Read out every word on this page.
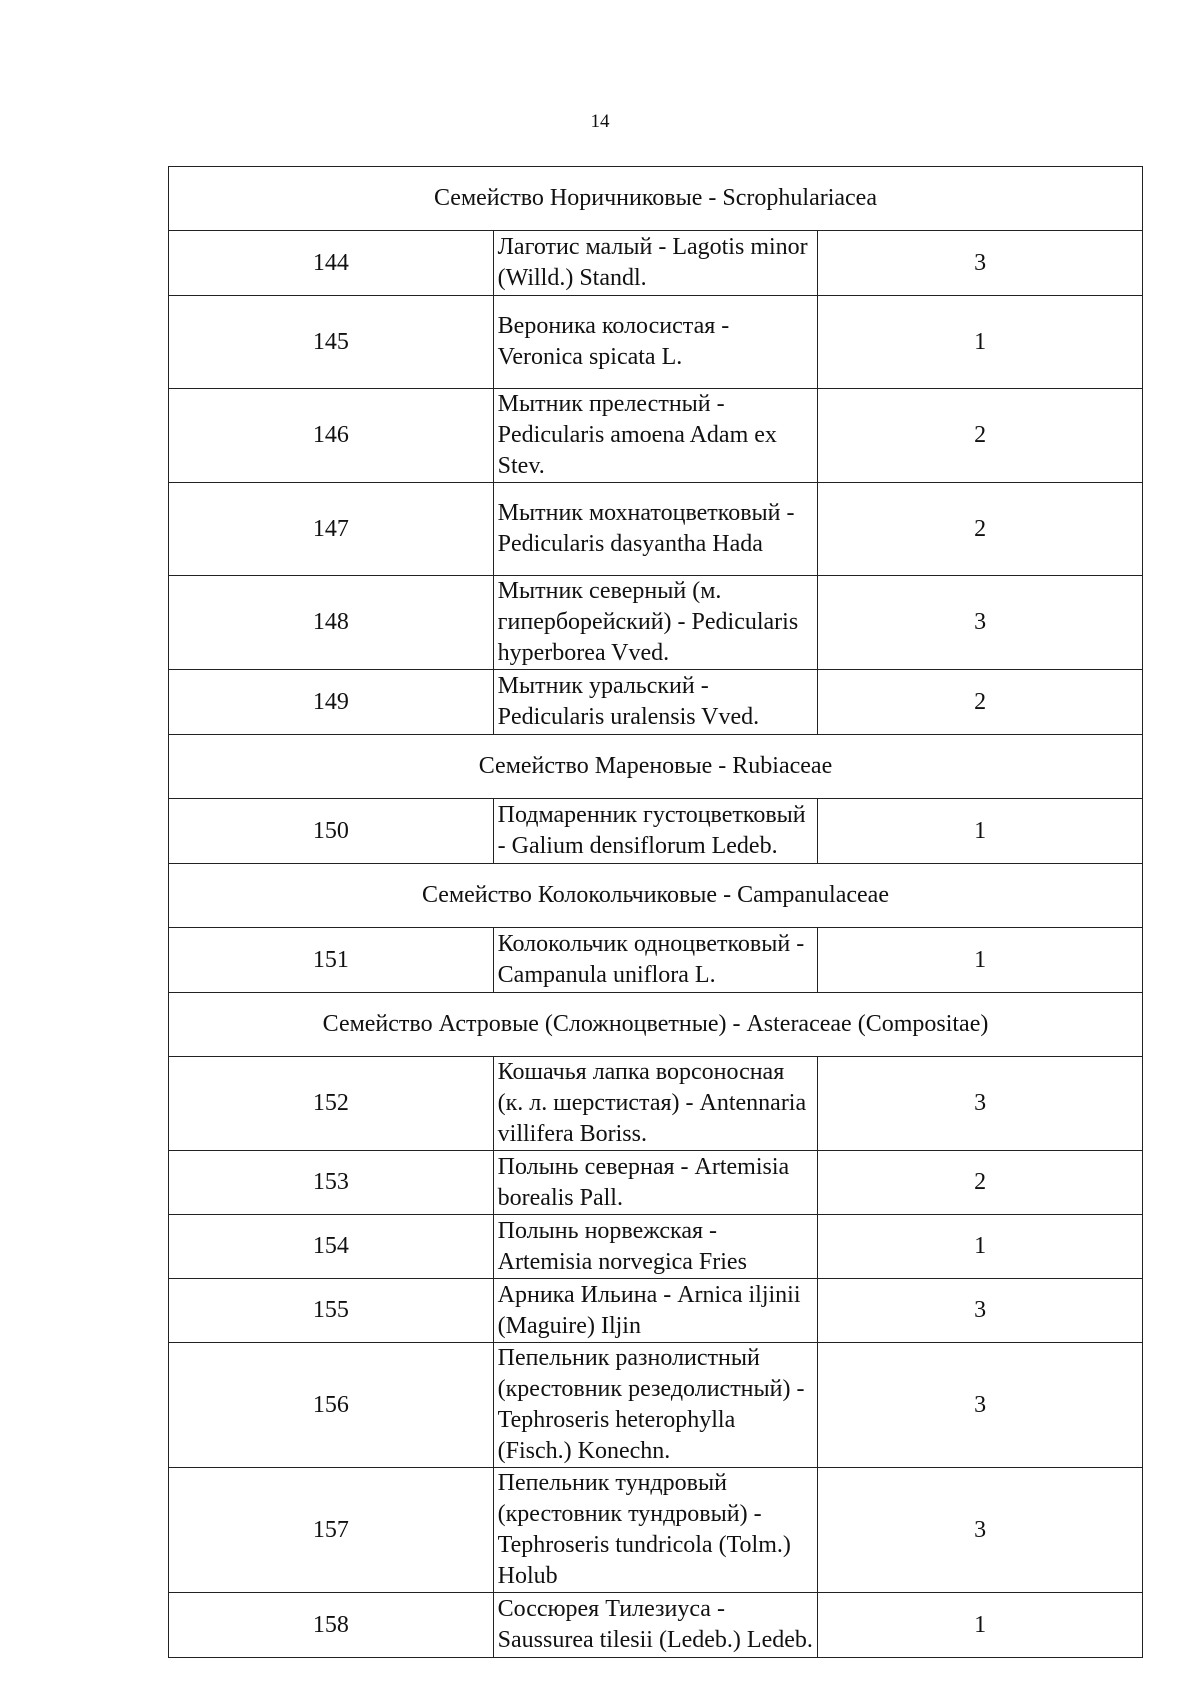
14
Семейство Норичниковые - Scrophulariacea		
144	Лаготис малый - Lagotis minor (Willd.) Standl.	3
145	Вероника колосистая - Veronica spicata L.	1
146	Мытник прелестный - Pedicularis amoena Adam ex Stev.	2
147	Мытник мохнатоцветковый - Pedicularis dasyantha Hada	2
148	Мытник северный (м. гиперборейский) - Pedicularis hyperborea Vved.	3
149	Мытник уральский - Pedicularis uralensis Vved.	2
Семейство Мареновые - Rubiaceae		
150	Подмаренник густоцветковый - Galium densiflorum Ledeb.	1
Семейство Колокольчиковые - Campanulaceae		
151	Колокольчик одноцветковый - Campanula uniflora L.	1
Семейство Астровые (Сложноцветные) - Asteraceae (Compositae)		
152	Кошачья лапка ворсоносная (к. л. шерстистая) - Antennaria villifera Boriss.	3
153	Полынь северная - Artemisia borealis Pall.	2
154	Полынь норвежская - Artemisia norvegica Fries	1
155	Арника Ильина - Arnica iljinii (Maguire) Iljin	3
156	Пепельник разнолистный (крестовник резедолистный) - Tephroseris heterophylla (Fisch.) Konechn.	3
157	Пепельник тундровый (крестовник тундровый) - Tephroseris tundricola (Tolm.) Holub	3
158	Соссюрея Тилезиуса - Saussurea tilesii (Ledeb.) Ledeb.	1
